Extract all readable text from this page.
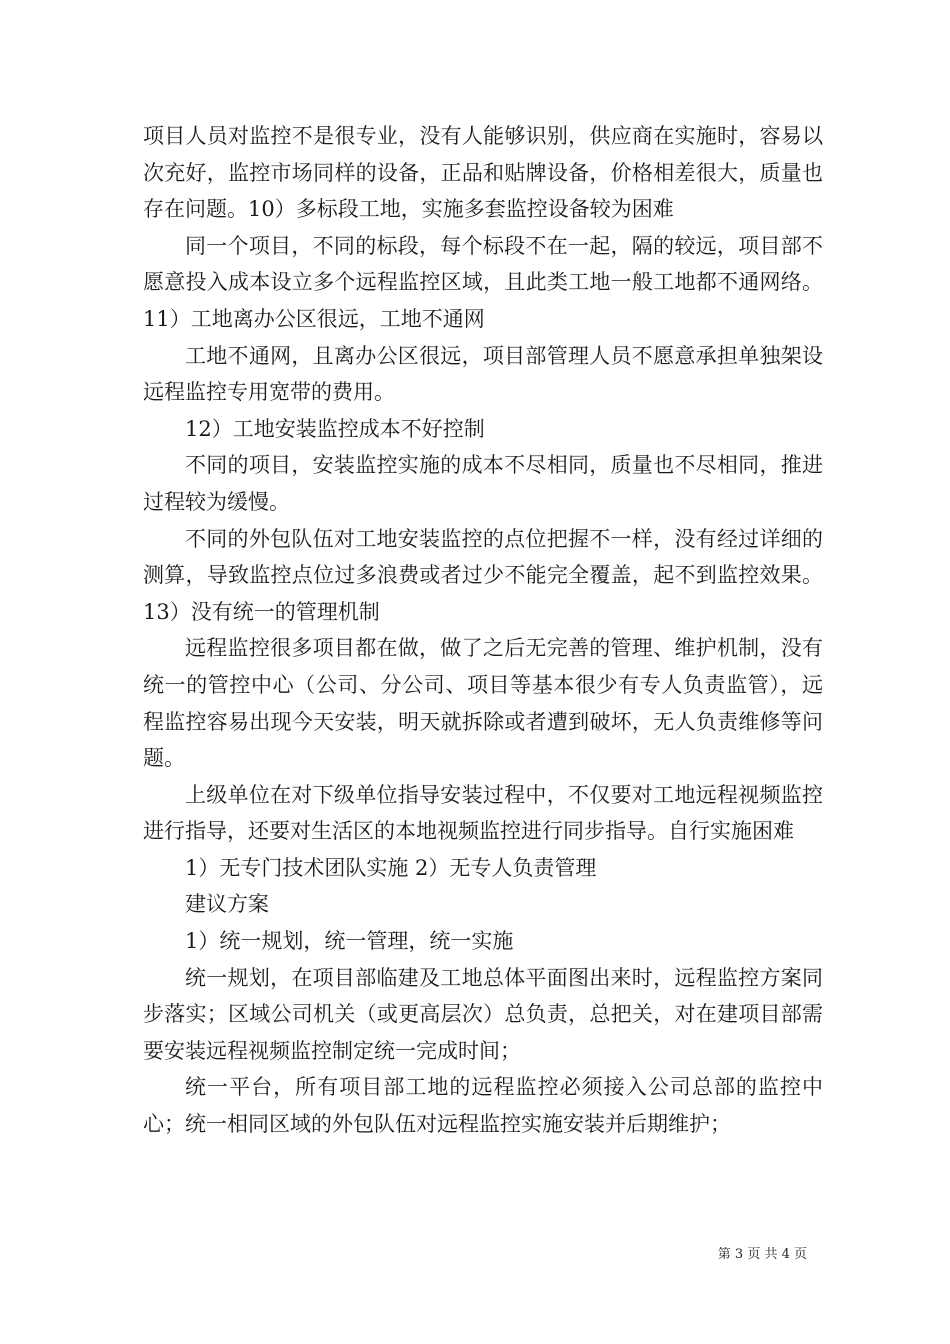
项目人员对监控不是很专业，没有人能够识别，供应商在实施时，容易以次充好，监控市场同样的设备，正品和贴牌设备，价格相差很大，质量也存在问题。10）多标段工地，实施多套监控设备较为困难

同一个项目，不同的标段，每个标段不在一起，隔的较远，项目部不愿意投入成本设立多个远程监控区域，且此类工地一般工地都不通网络。11）工地离办公区很远，工地不通网

工地不通网，且离办公区很远，项目部管理人员不愿意承担单独架设远程监控专用宽带的费用。

12）工地安装监控成本不好控制

不同的项目，安装监控实施的成本不尽相同，质量也不尽相同，推进过程较为缓慢。

不同的外包队伍对工地安装监控的点位把握不一样，没有经过详细的测算，导致监控点位过多浪费或者过少不能完全覆盖，起不到监控效果。13）没有统一的管理机制

远程监控很多项目都在做，做了之后无完善的管理、维护机制，没有统一的管控中心（公司、分公司、项目等基本很少有专人负责监管），远程监控容易出现今天安装，明天就拆除或者遭到破坏，无人负责维修等问题。

上级单位在对下级单位指导安装过程中，不仅要对工地远程视频监控进行指导，还要对生活区的本地视频监控进行同步指导。自行实施困难

1）无专门技术团队实施 2）无专人负责管理

建议方案

1）统一规划，统一管理，统一实施

统一规划，在项目部临建及工地总体平面图出来时，远程监控方案同步落实；区域公司机关（或更高层次）总负责，总把关，对在建项目部需要安装远程视频监控制定统一完成时间；

统一平台，所有项目部工地的远程监控必须接入公司总部的监控中心；统一相同区域的外包队伍对远程监控实施安装并后期维护；

第 3 页 共 4 页
